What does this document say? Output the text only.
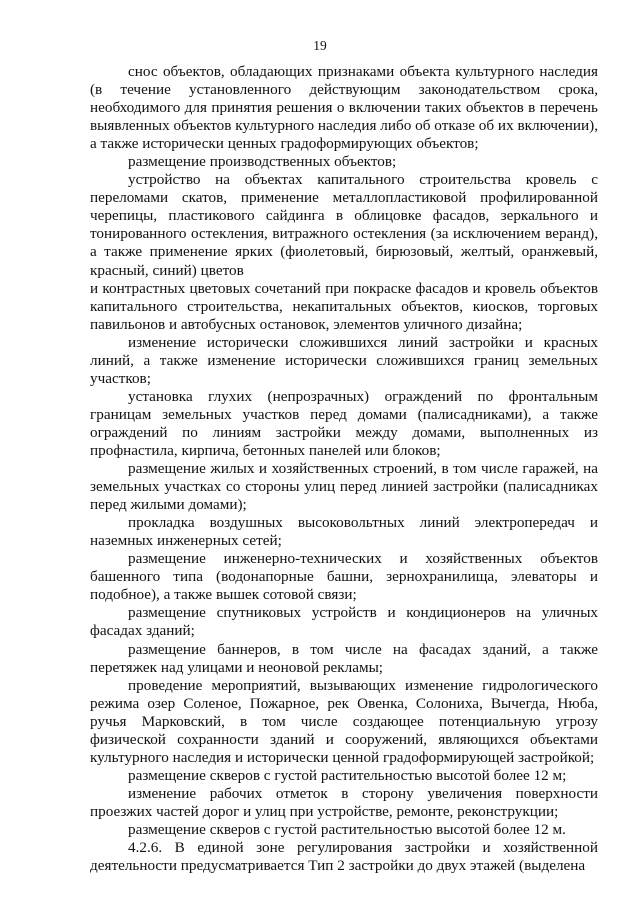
19

снос объектов, обладающих признаками объекта культурного наследия (в течение установленного действующим законодательством срока, необходимого для принятия решения о включении таких объектов в перечень выявленных объектов культурного наследия либо об отказе об их включении), а также исторически ценных градоформирующих объектов;

размещение производственных объектов;

устройство на объектах капитального строительства кровель с переломами скатов, применение металлопластиковой профилированной черепицы, пластикового сайдинга в облицовке фасадов, зеркального и тонированного остекления, витражного остекления (за исключением веранд), а также применение ярких (фиолетовый, бирюзовый, желтый, оранжевый, красный, синий) цветов

и контрастных цветовых сочетаний при покраске фасадов и кровель объектов капитального строительства, некапитальных объектов, киосков, торговых павильонов и автобусных остановок, элементов уличного дизайна;

изменение исторически сложившихся линий застройки и красных линий, а также изменение исторически сложившихся границ земельных участков;

установка глухих (непрозрачных) ограждений по фронтальным границам земельных участков перед домами (палисадниками), а также ограждений по линиям застройки между домами, выполненных из профнастила, кирпича, бетонных панелей или блоков;

размещение жилых и хозяйственных строений, в том числе гаражей, на земельных участках со стороны улиц перед линией застройки (палисадниках перед жилыми домами);

прокладка воздушных высоковольтных линий электропередач и наземных инженерных сетей;

размещение инженерно-технических и хозяйственных объектов башенного типа (водонапорные башни, зернохранилища, элеваторы и подобное), а также вышек сотовой связи;

размещение спутниковых устройств и кондиционеров на уличных фасадах зданий;

размещение баннеров, в том числе на фасадах зданий, а также перетяжек над улицами и неоновой рекламы;

проведение мероприятий, вызывающих изменение гидрологического режима озер Соленое, Пожарное, рек Овенка, Солониха, Вычегда, Нюба, ручья Марковский, в том числе создающее потенциальную угрозу физической сохранности зданий и сооружений, являющихся объектами культурного наследия и исторически ценной градоформирующей застройкой;

размещение скверов с густой растительностью высотой более 12 м;

изменение рабочих отметок в сторону увеличения поверхности проезжих частей дорог и улиц при устройстве, ремонте, реконструкции;

размещение скверов с густой растительностью высотой более 12 м.

4.2.6. В единой зоне регулирования застройки и хозяйственной деятельности предусматривается Тип 2 застройки до двух этажей (выделена
